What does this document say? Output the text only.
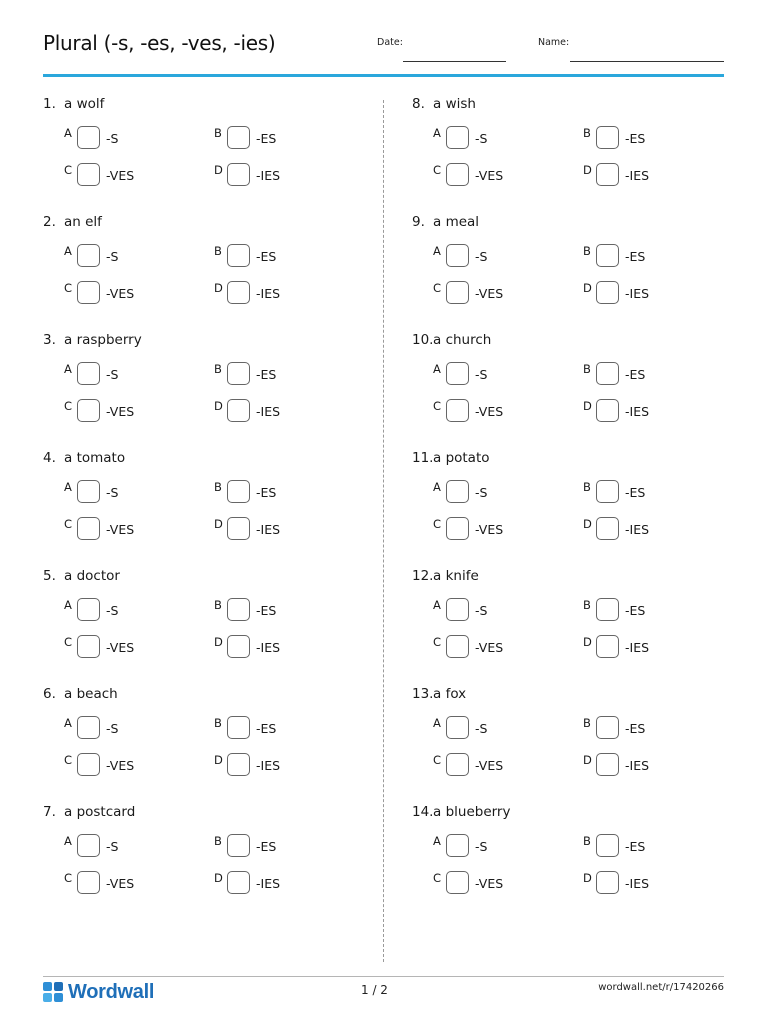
Plural (-s, -es, -ves, -ies)	Date:	Name:
1. a wolf
A	-S	B	-ES
C	-VES	D	-IES
2. an elf
A	-S	B	-ES
C	-VES	D	-IES
3. a raspberry
A	-S	B	-ES
C	-VES	D	-IES
4. a tomato
A	-S	B	-ES
C	-VES	D	-IES
5. a doctor
A	-S	B	-ES
C	-VES	D	-IES
6. a beach
A	-S	B	-ES
C	-VES	D	-IES
7. a postcard
A	-S	B	-ES
C	-VES	D	-IES
8. a wish
A	-S	B	-ES
C	-VES	D	-IES
9. a meal
A	-S	B	-ES
C	-VES	D	-IES
10. a church
A	-S	B	-ES
C	-VES	D	-IES
11. a potato
A	-S	B	-ES
C	-VES	D	-IES
12. a knife
A	-S	B	-ES
C	-VES	D	-IES
13. a fox
A	-S	B	-ES
C	-VES	D	-IES
14. a blueberry
A	-S	B	-ES
C	-VES	D	-IES
Wordwall	1 / 2	wordwall.net/r/17420266
